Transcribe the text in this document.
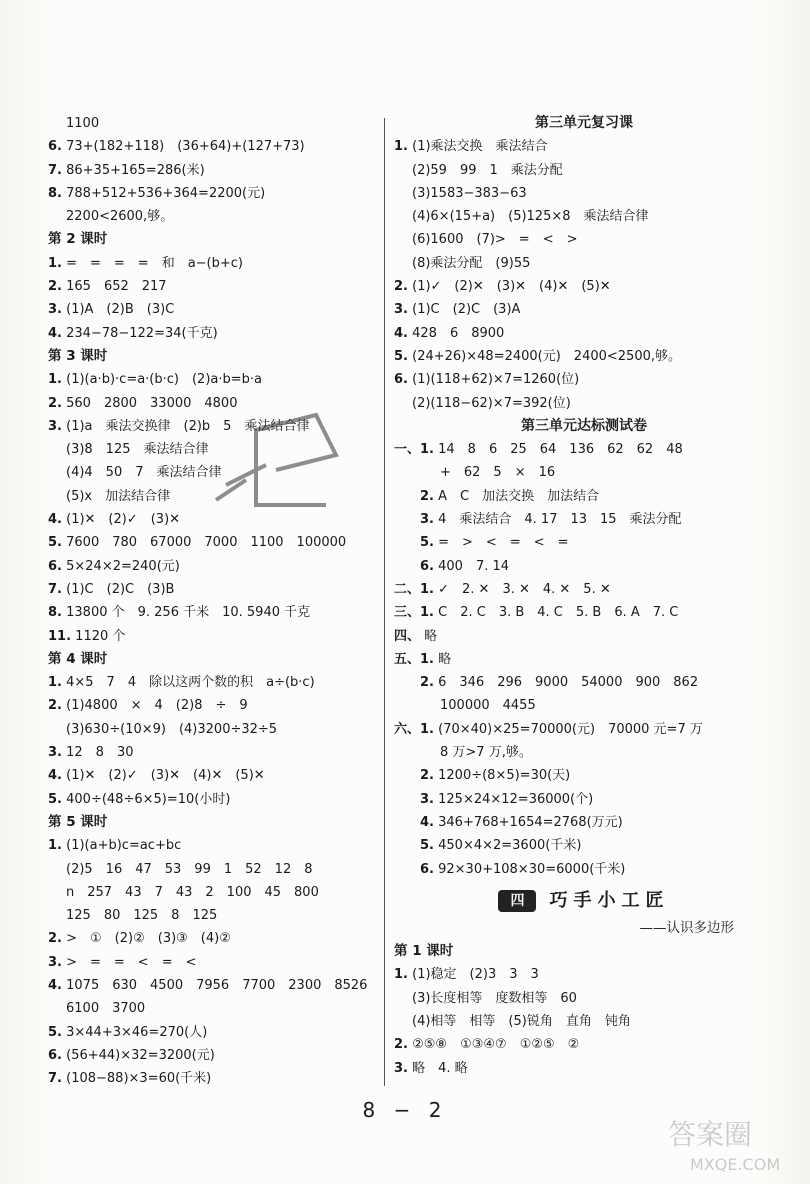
1100
6. 73+(182+118)　(36+64)+(127+73)
7. 86+35+165=286(米)
8. 788+512+536+364=2200(元)
2200<2600,够。
第 2 课时
1. =　=　=　=　和　a−(b+c)
2. 165　652　217
3. (1)A　(2)B　(3)C
4. 234−78−122=34(千克)
第 3 课时
1. (1)(a·b)·c=a·(b·c)　(2)a·b=b·a
2. 560　2800　33000　4800
3. (1)a　乘法交换律　(2)b　5　乘法结合律
(3)8　125　乘法结合律
(4)4　50　7　乘法结合律
(5)x　加法结合律
4. (1)✕　(2)✓　(3)✕
5. 7600　780　67000　7000　1100　100000
6. 5×24×2=240(元)
7. (1)C　(2)C　(3)B
8. 13800 个　9. 256 千米　10. 5940 千克
11. 1120 个
第 4 课时
1. 4×5　7　4　除以这两个数的积　a÷(b·c)
2. (1)4800　×　4　(2)8　÷　9
(3)630÷(10×9)　(4)3200÷32÷5
3. 12　8　30
4. (1)✕　(2)✓　(3)✕　(4)✕　(5)✕
5. 400÷(48÷6×5)=10(小时)
第 5 课时
1. (1)(a+b)c=ac+bc
(2)5　16　47　53　99　1　52　12　8
n　257　43　7　43　2　100　45　800
125　80　125　8　125
2. >　①　(2)②　(3)③　(4)②
3. >　=　=　<　=　<
4. 1075　630　4500　7956　7700　2300　8526
6100　3700
5. 3×44+3×46=270(人)
6. (56+44)×32=3200(元)
7. (108−88)×3=60(千米)
第三单元复习课
1. (1)乘法交换　乘法结合
(2)59　99　1　乘法分配
(3)1583−383−63
(4)6×(15+a)　(5)125×8　乘法结合律
(6)1600　(7)>　=　<　>
(8)乘法分配　(9)55
2. (1)✓　(2)✕　(3)✕　(4)✕　(5)✕
3. (1)C　(2)C　(3)A
4. 428　6　8900
5. (24+26)×48=2400(元)　2400<2500,够。
6. (1)(118+62)×7=1260(位)
(2)(118−62)×7=392(位)
第三单元达标测试卷
一、1. 14　8　6　25　64　136　62　62　48
+　62　5　×　16
2. A　C　加法交换　加法结合
3. 4　乘法结合　4. 17　13　15　乘法分配
5. =　>　<　=　<　=
6. 400　7. 14
二、1. ✓　2. ✕　3. ✕　4. ✕　5. ✕
三、1. C　2. C　3. B　4. C　5. B　6. A　7. C
四、 略
五、1. 略
2. 6　346　296　9000　54000　900　862
100000　4455
六、1. (70×40)×25=70000(元)　70000 元=7 万
8 万>7 万,够。
2. 1200÷(8×5)=30(天)
3. 125×24×12=36000(个)
4. 346+768+1654=2768(万元)
5. 450×4×2=3600(千米)
6. 92×30+108×30=6000(千米)
四 巧手小工匠
——认识多边形
第 1 课时
1. (1)稳定　(2)3　3　3
(3)长度相等　度数相等　60
(4)相等　相等　(5)锐角　直角　钝角
2. ②⑤⑧　①③④⑦　①②⑤　②
3. 略　4. 略
8 − 2
答案圈
MXQE.COM
